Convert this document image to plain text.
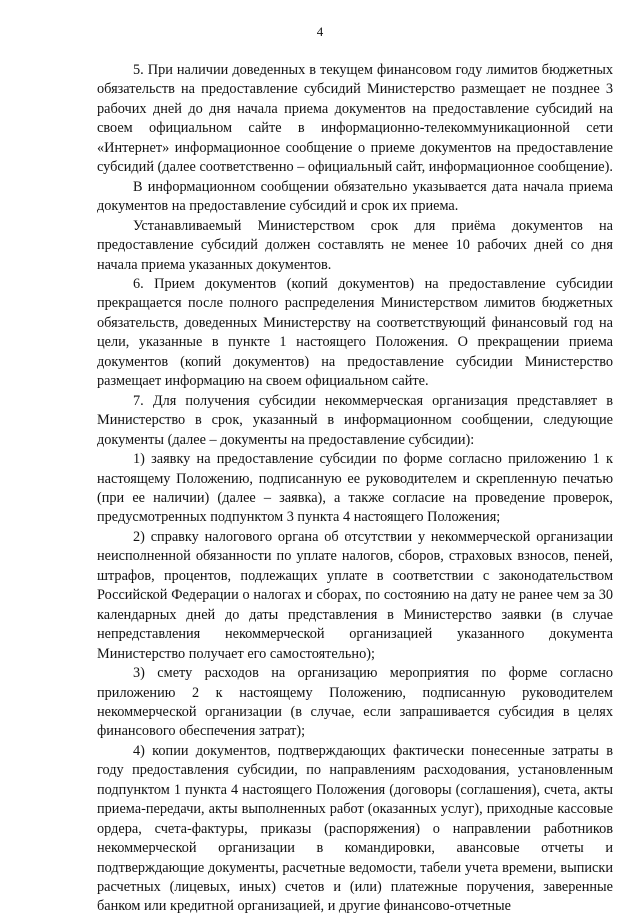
4

5. При наличии доведенных в текущем финансовом году лимитов бюджетных обязательств на предоставление субсидий Министерство размещает не позднее 3 рабочих дней до дня начала приема документов на предоставление субсидий на своем официальном сайте в информационно-телекоммуникационной сети «Интернет» информационное сообщение о приеме документов на предоставление субсидий (далее соответственно – официальный сайт, информационное сообщение).

В информационном сообщении обязательно указывается дата начала приема документов на предоставление субсидий и срок их приема.

Устанавливаемый Министерством срок для приёма документов на предоставление субсидий должен составлять не менее 10 рабочих дней со дня начала приема указанных документов.

6. Прием документов (копий документов) на предоставление субсидии прекращается после полного распределения Министерством лимитов бюджетных обязательств, доведенных Министерству на соответствующий финансовый год на цели, указанные в пункте 1 настоящего Положения. О прекращении приема документов (копий документов) на предоставление субсидии Министерство размещает информацию на своем официальном сайте.

7. Для получения субсидии некоммерческая организация представляет в Министерство в срок, указанный в информационном сообщении, следующие документы (далее – документы на предоставление субсидии):

1) заявку на предоставление субсидии по форме согласно приложению 1 к настоящему Положению, подписанную ее руководителем и скрепленную печатью (при ее наличии) (далее – заявка), а также согласие на проведение проверок, предусмотренных подпунктом 3 пункта 4 настоящего Положения;

2) справку налогового органа об отсутствии у некоммерческой организации неисполненной обязанности по уплате налогов, сборов, страховых взносов, пеней, штрафов, процентов, подлежащих уплате в соответствии с законодательством Российской Федерации о налогах и сборах, по состоянию на дату не ранее чем за 30 календарных дней до даты представления в Министерство заявки (в случае непредставления некоммерческой организацией указанного документа Министерство получает его самостоятельно);

3) смету расходов на организацию мероприятия по форме согласно приложению 2 к настоящему Положению, подписанную руководителем некоммерческой организации (в случае, если запрашивается субсидия в целях финансового обеспечения затрат);

4) копии документов, подтверждающих фактически понесенные затраты в году предоставления субсидии, по направлениям расходования, установленным подпунктом 1 пункта 4 настоящего Положения (договоры (соглашения), счета, акты приема-передачи, акты выполненных работ (оказанных услуг), приходные кассовые ордера, счета-фактуры, приказы (распоряжения) о направлении работников некоммерческой организации в командировки, авансовые отчеты и подтверждающие документы, расчетные ведомости, табели учета времени, выписки расчетных (лицевых, иных) счетов и (или) платежные поручения, заверенные банком или кредитной организацией, и другие финансово-отчетные
